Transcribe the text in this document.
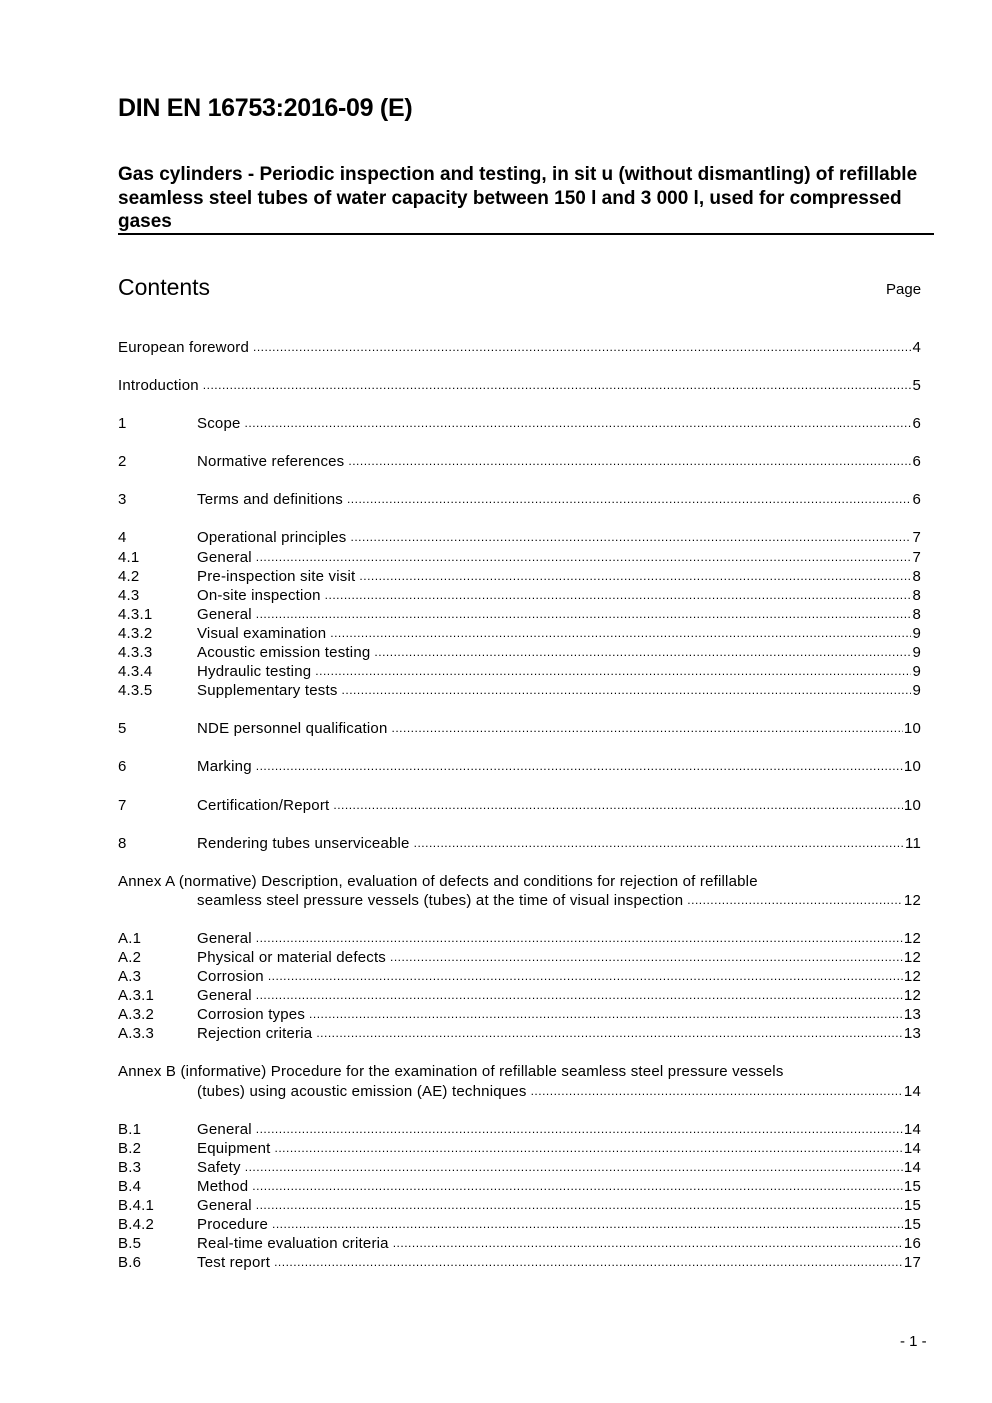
DIN EN 16753:2016-09 (E)
Gas cylinders - Periodic inspection and testing, in sit u (without dismantling) of refillable seamless steel tubes of water capacity between 150 l and 3 000 l, used for compressed gases
Contents	Page
European foreword .....	4
Introduction .....	5
1	Scope .....	6
2	Normative references .....	6
3	Terms and definitions .....	6
4	Operational principles .....	7
4.1	General .....	7
4.2	Pre-inspection site visit .....	8
4.3	On-site inspection .....	8
4.3.1	General .....	8
4.3.2	Visual examination .....	9
4.3.3	Acoustic emission testing .....	9
4.3.4	Hydraulic testing .....	9
4.3.5	Supplementary tests .....	9
5	NDE personnel qualification .....	10
6	Marking .....	10
7	Certification/Report .....	10
8	Rendering tubes unserviceable .....	11
Annex A (normative) Description, evaluation of defects and conditions for rejection of refillable
seamless steel pressure vessels (tubes) at the time of visual inspection .....	12
A.1	General .....	12
A.2	Physical or material defects .....	12
A.3	Corrosion .....	12
A.3.1	General .....	12
A.3.2	Corrosion types .....	13
A.3.3	Rejection criteria .....	13
Annex B (informative) Procedure for the examination of refillable seamless steel pressure vessels
(tubes) using acoustic emission (AE) techniques .....	14
B.1	General .....	14
B.2	Equipment .....	14
B.3	Safety .....	14
B.4	Method .....	15
B.4.1	General .....	15
B.4.2	Procedure .....	15
B.5	Real-time evaluation criteria .....	16
B.6	Test report .....	17
- 1 -
